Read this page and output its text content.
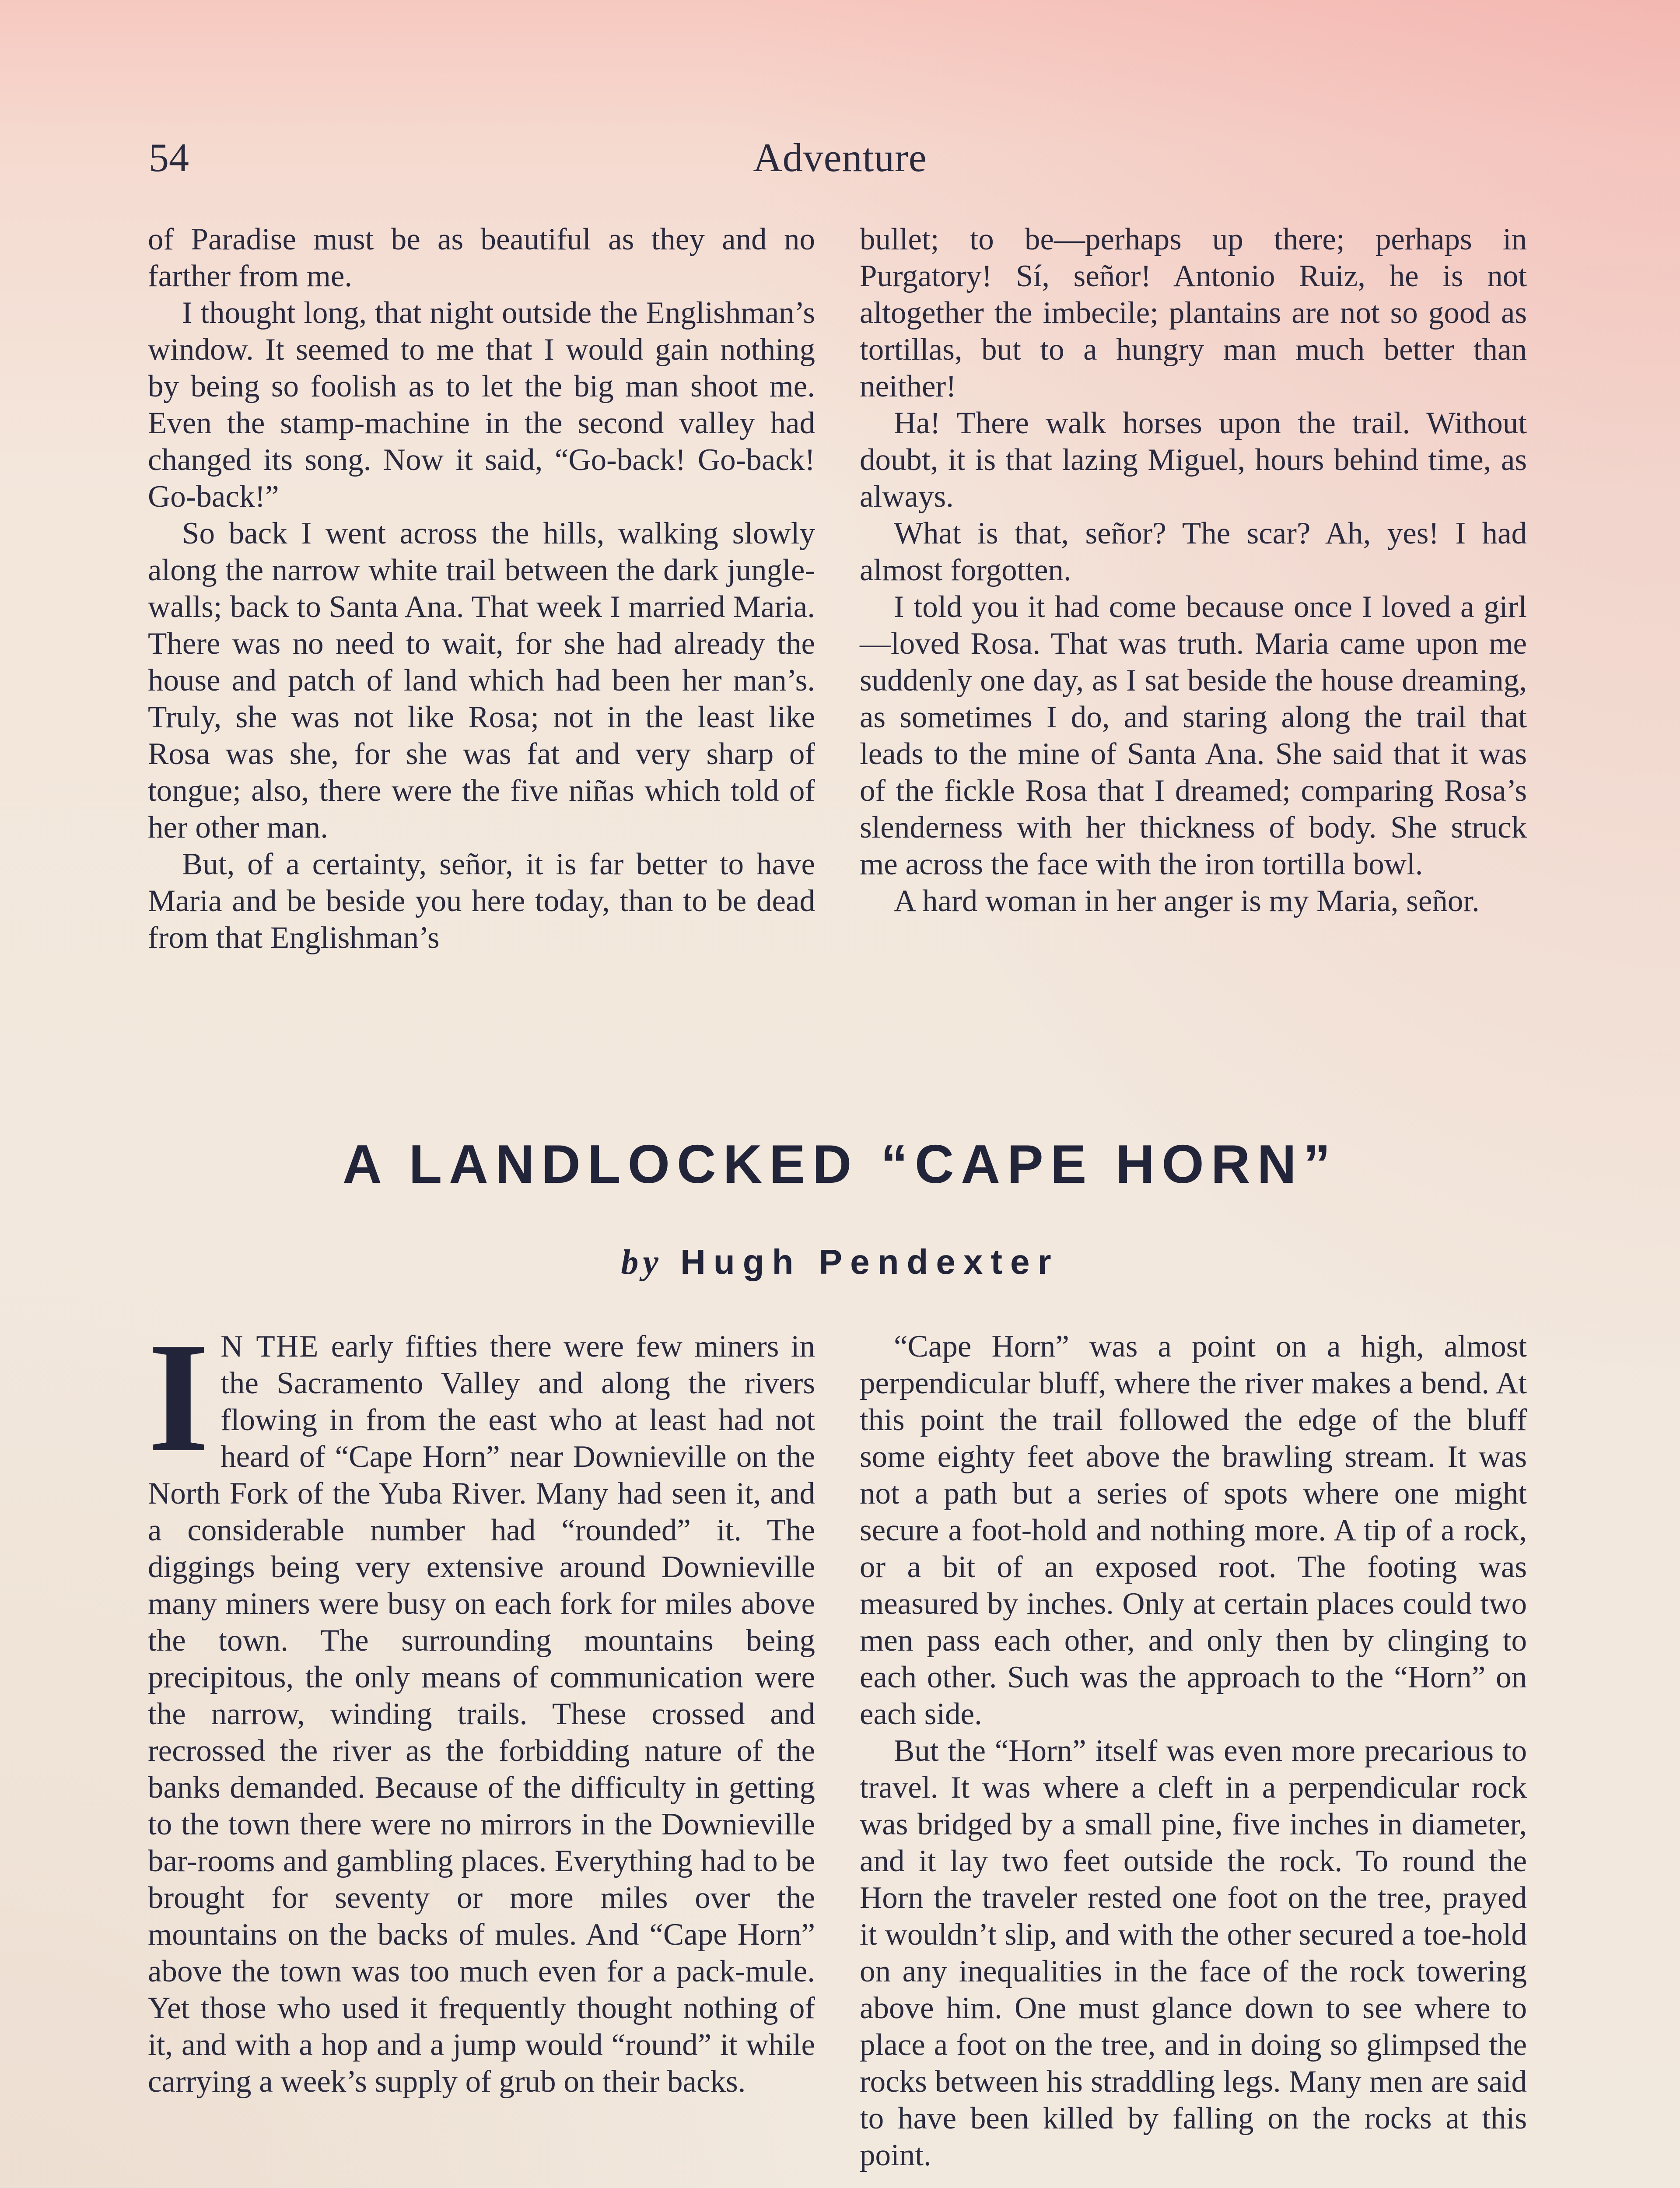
54	Adventure

of Paradise must be as beautiful as they and no farther from me.

I thought long, that night outside the Englishman’s window. It seemed to me that I would gain nothing by being so foolish as to let the big man shoot me. Even the stamp-machine in the second valley had changed its song. Now it said, “Go-back! Go-back! Go-back!”

So back I went across the hills, walking slowly along the narrow white trail between the dark jungle-walls; back to Santa Ana. That week I married Maria. There was no need to wait, for she had already the house and patch of land which had been her man’s. Truly, she was not like Rosa; not in the least like Rosa was she, for she was fat and very sharp of tongue; also, there were the five niñas which told of her other man.

But, of a certainty, señor, it is far better to have Maria and be beside you here today, than to be dead from that Englishman’s

bullet; to be—perhaps up there; perhaps in Purgatory! Sí, señor! Antonio Ruiz, he is not altogether the imbecile; plantains are not so good as tortillas, but to a hungry man much better than neither!

Ha! There walk horses upon the trail. Without doubt, it is that lazing Miguel, hours behind time, as always.

What is that, señor? The scar? Ah, yes! I had almost forgotten.

I told you it had come because once I loved a girl—loved Rosa. That was truth. Maria came upon me suddenly one day, as I sat beside the house dreaming, as sometimes I do, and staring along the trail that leads to the mine of Santa Ana. She said that it was of the fickle Rosa that I dreamed; comparing Rosa’s slenderness with her thickness of body. She struck me across the face with the iron tortilla bowl.

A hard woman in her anger is my Maria, señor.

A LANDLOCKED “CAPE HORN”
by Hugh Pendexter

I N THE early fifties there were few miners in the Sacramento Valley and along the rivers flowing in from the east who at least had not heard of “Cape Horn” near Downieville on the North Fork of the Yuba River. Many had seen it, and a considerable number had “rounded” it. The diggings being very extensive around Downieville many miners were busy on each fork for miles above the town. The surrounding mountains being precipitous, the only means of communication were the narrow, winding trails. These crossed and recrossed the river as the forbidding nature of the banks demanded. Because of the difficulty in getting to the town there were no mirrors in the Downieville bar-rooms and gambling places. Everything had to be brought for seventy or more miles over the mountains on the backs of mules. And “Cape Horn” above the town was too much even for a pack-mule. Yet those who used it frequently thought nothing of it, and with a hop and a jump would “round” it while carrying a week’s supply of grub on their backs.

“Cape Horn” was a point on a high, almost perpendicular bluff, where the river makes a bend. At this point the trail followed the edge of the bluff some eighty feet above the brawling stream. It was not a path but a series of spots where one might secure a foot-hold and nothing more. A tip of a rock, or a bit of an exposed root. The footing was measured by inches. Only at certain places could two men pass each other, and only then by clinging to each other. Such was the approach to the “Horn” on each side.

But the “Horn” itself was even more precarious to travel. It was where a cleft in a perpendicular rock was bridged by a small pine, five inches in diameter, and it lay two feet outside the rock. To round the Horn the traveler rested one foot on the tree, prayed it wouldn’t slip, and with the other secured a toe-hold on any inequalities in the face of the rock towering above him. One must glance down to see where to place a foot on the tree, and in doing so glimpsed the rocks between his straddling legs. Many men are said to have been killed by falling on the rocks at this point.
